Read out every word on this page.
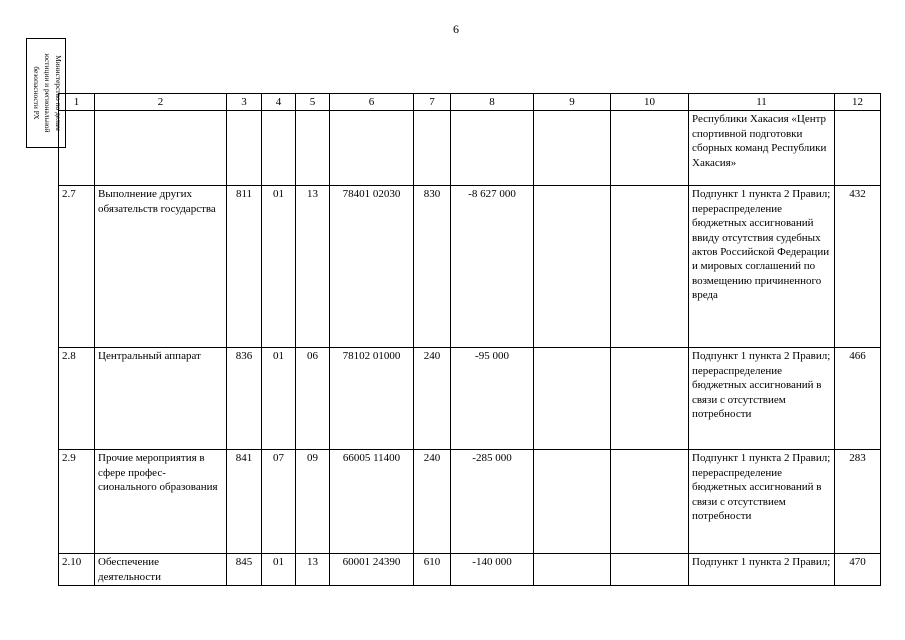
6
Министерство по делам
юстиции и региональной
безопасности РХ	1	2	3	4	5	6	7	8	9	10	11	12
										Республики Хакасия «Центр спортивной подготовки сборных команд Республики Хакасия»	
2.7	Выполнение других обязательств государства	811	01	13	78401 02030	830	-8 627 000			Подпункт 1 пункта 2 Правил; перераспределение бюджетных ассигнований ввиду отсутствия судебных актов Российской Федерации и мировых соглашений по возмещению причиненного вреда	432
2.8	Центральный аппарат	836	01	06	78102 01000	240	-95 000			Подпункт 1 пункта 2 Правил; перераспределение бюджетных ассигнований в связи с отсутствием потребности	466
2.9	Прочие мероприятия в сфере профес-сионального образования	841	07	09	66005 11400	240	-285 000			Подпункт 1 пункта 2 Правил; перераспределение бюджетных ассигнований в связи с отсутствием потребности	283
2.10	Обеспечение деятельности	845	01	13	60001 24390	610	-140 000			Подпункт 1 пункта 2 Правил;	470
